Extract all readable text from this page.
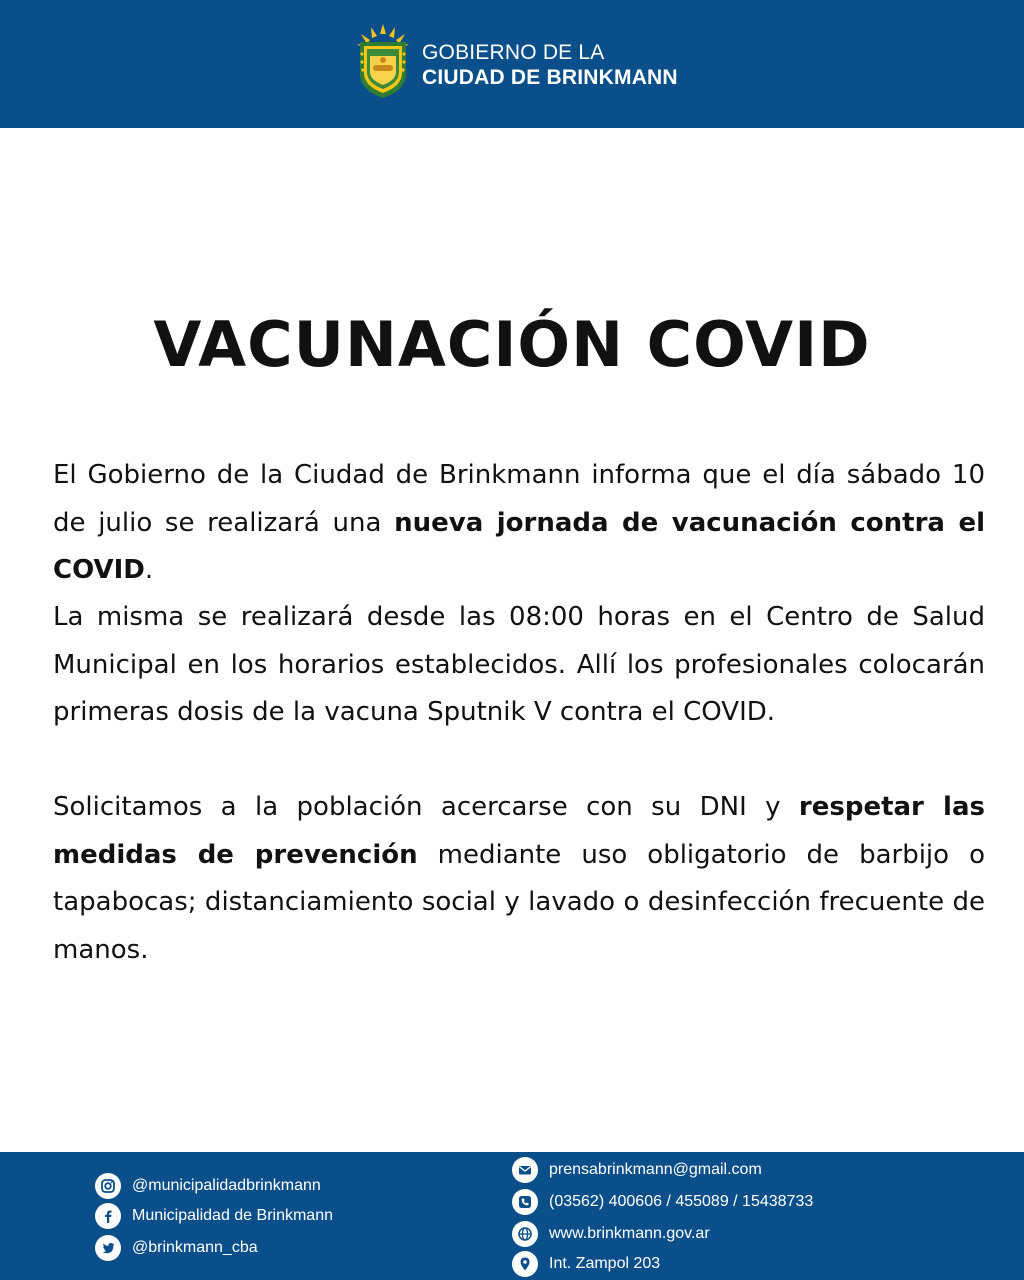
GOBIERNO DE LA
CIUDAD DE BRINKMANN
VACUNACIÓN COVID

El Gobierno de la Ciudad de Brinkmann informa que el día sábado 10 de julio se realizará una nueva jornada de vacunación contra el COVID.

La misma se realizará desde las 08:00 horas en el Centro de Salud Municipal en los horarios establecidos. Allí los profesionales colocarán primeras dosis de la vacuna Sputnik V contra el COVID.

Solicitamos a la población acercarse con su DNI y respetar las medidas de prevención mediante uso obligatorio de barbijo o tapabocas; distanciamiento social y lavado o desinfección frecuente de manos.

@municipalidadbrinkmann
Municipalidad de Brinkmann
@brinkmann_cba
prensabrinkmann@gmail.com
(03562) 400606 / 455089 / 15438733
www.brinkmann.gov.ar
Int. Zampol 203
